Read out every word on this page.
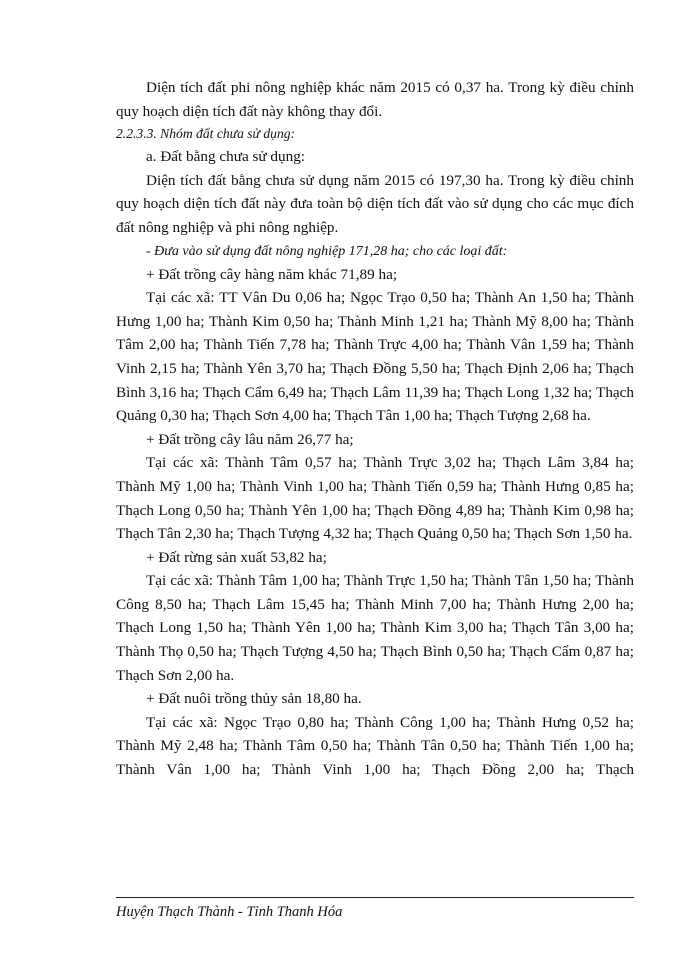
Diện tích đất phi nông nghiệp khác năm 2015 có 0,37 ha. Trong kỳ điều chỉnh quy hoạch diện tích đất này không thay đổi.

2.2.3.3. Nhóm đất chưa sử dụng:

a. Đất bằng chưa sử dụng:

Diện tích đất bằng chưa sử dụng năm 2015 có 197,30 ha. Trong kỳ điều chỉnh quy hoạch diện tích đất này đưa toàn bộ diện tích đất vào sử dụng cho các mục đích đất nông nghiệp và phi nông nghiệp.

- Đưa vào sử dụng đất nông nghiệp 171,28 ha; cho các loại đất:

+ Đất trồng cây hàng năm khác 71,89 ha;

Tại các xã: TT Vân Du 0,06 ha; Ngọc Trạo 0,50 ha; Thành An 1,50 ha; Thành Hưng 1,00 ha; Thành Kim 0,50 ha; Thành Minh 1,21 ha; Thành Mỹ 8,00 ha; Thành Tâm 2,00 ha; Thành Tiến 7,78 ha; Thành Trực 4,00 ha; Thành Vân 1,59 ha; Thành Vinh 2,15 ha; Thành Yên 3,70 ha; Thạch Đồng 5,50 ha; Thạch Định 2,06 ha; Thạch Bình 3,16 ha; Thạch Cẩm 6,49 ha; Thạch Lâm 11,39 ha; Thạch Long 1,32 ha; Thạch Quảng 0,30 ha; Thạch Sơn 4,00 ha; Thạch Tân 1,00 ha; Thạch Tượng 2,68 ha.

+ Đất trồng cây lâu năm 26,77 ha;

Tại các xã: Thành Tâm 0,57 ha; Thành Trực 3,02 ha; Thạch Lâm 3,84 ha; Thành Mỹ 1,00 ha; Thành Vinh 1,00 ha; Thành Tiến 0,59 ha; Thành Hưng 0,85 ha; Thạch Long 0,50 ha; Thành Yên 1,00 ha; Thạch Đồng 4,89 ha; Thành Kim 0,98 ha; Thạch Tân 2,30 ha; Thạch Tượng 4,32 ha; Thạch Quảng 0,50 ha; Thạch Sơn 1,50 ha.

+ Đất rừng sản xuất 53,82 ha;

Tại các xã: Thành Tâm 1,00 ha; Thành Trực 1,50 ha; Thành Tân 1,50 ha; Thành Công 8,50 ha; Thạch Lâm 15,45 ha; Thành Minh 7,00 ha; Thành Hưng 2,00 ha; Thạch Long 1,50 ha; Thành Yên 1,00 ha; Thành Kim 3,00 ha; Thạch Tân 3,00 ha; Thành Thọ 0,50 ha; Thạch Tượng 4,50 ha; Thạch Bình 0,50 ha; Thạch Cẩm 0,87 ha; Thạch Sơn 2,00 ha.

+ Đất nuôi trồng thủy sản 18,80 ha.

Tại các xã: Ngọc Trạo 0,80 ha; Thành Công 1,00 ha; Thành Hưng 0,52 ha; Thành Mỹ 2,48 ha; Thành Tâm 0,50 ha; Thành Tân 0,50 ha; Thành Tiến 1,00 ha; Thành Vân 1,00 ha; Thành Vinh 1,00 ha; Thạch Đồng 2,00 ha; Thạch

Huyện Thạch Thành - Tỉnh Thanh Hóa
